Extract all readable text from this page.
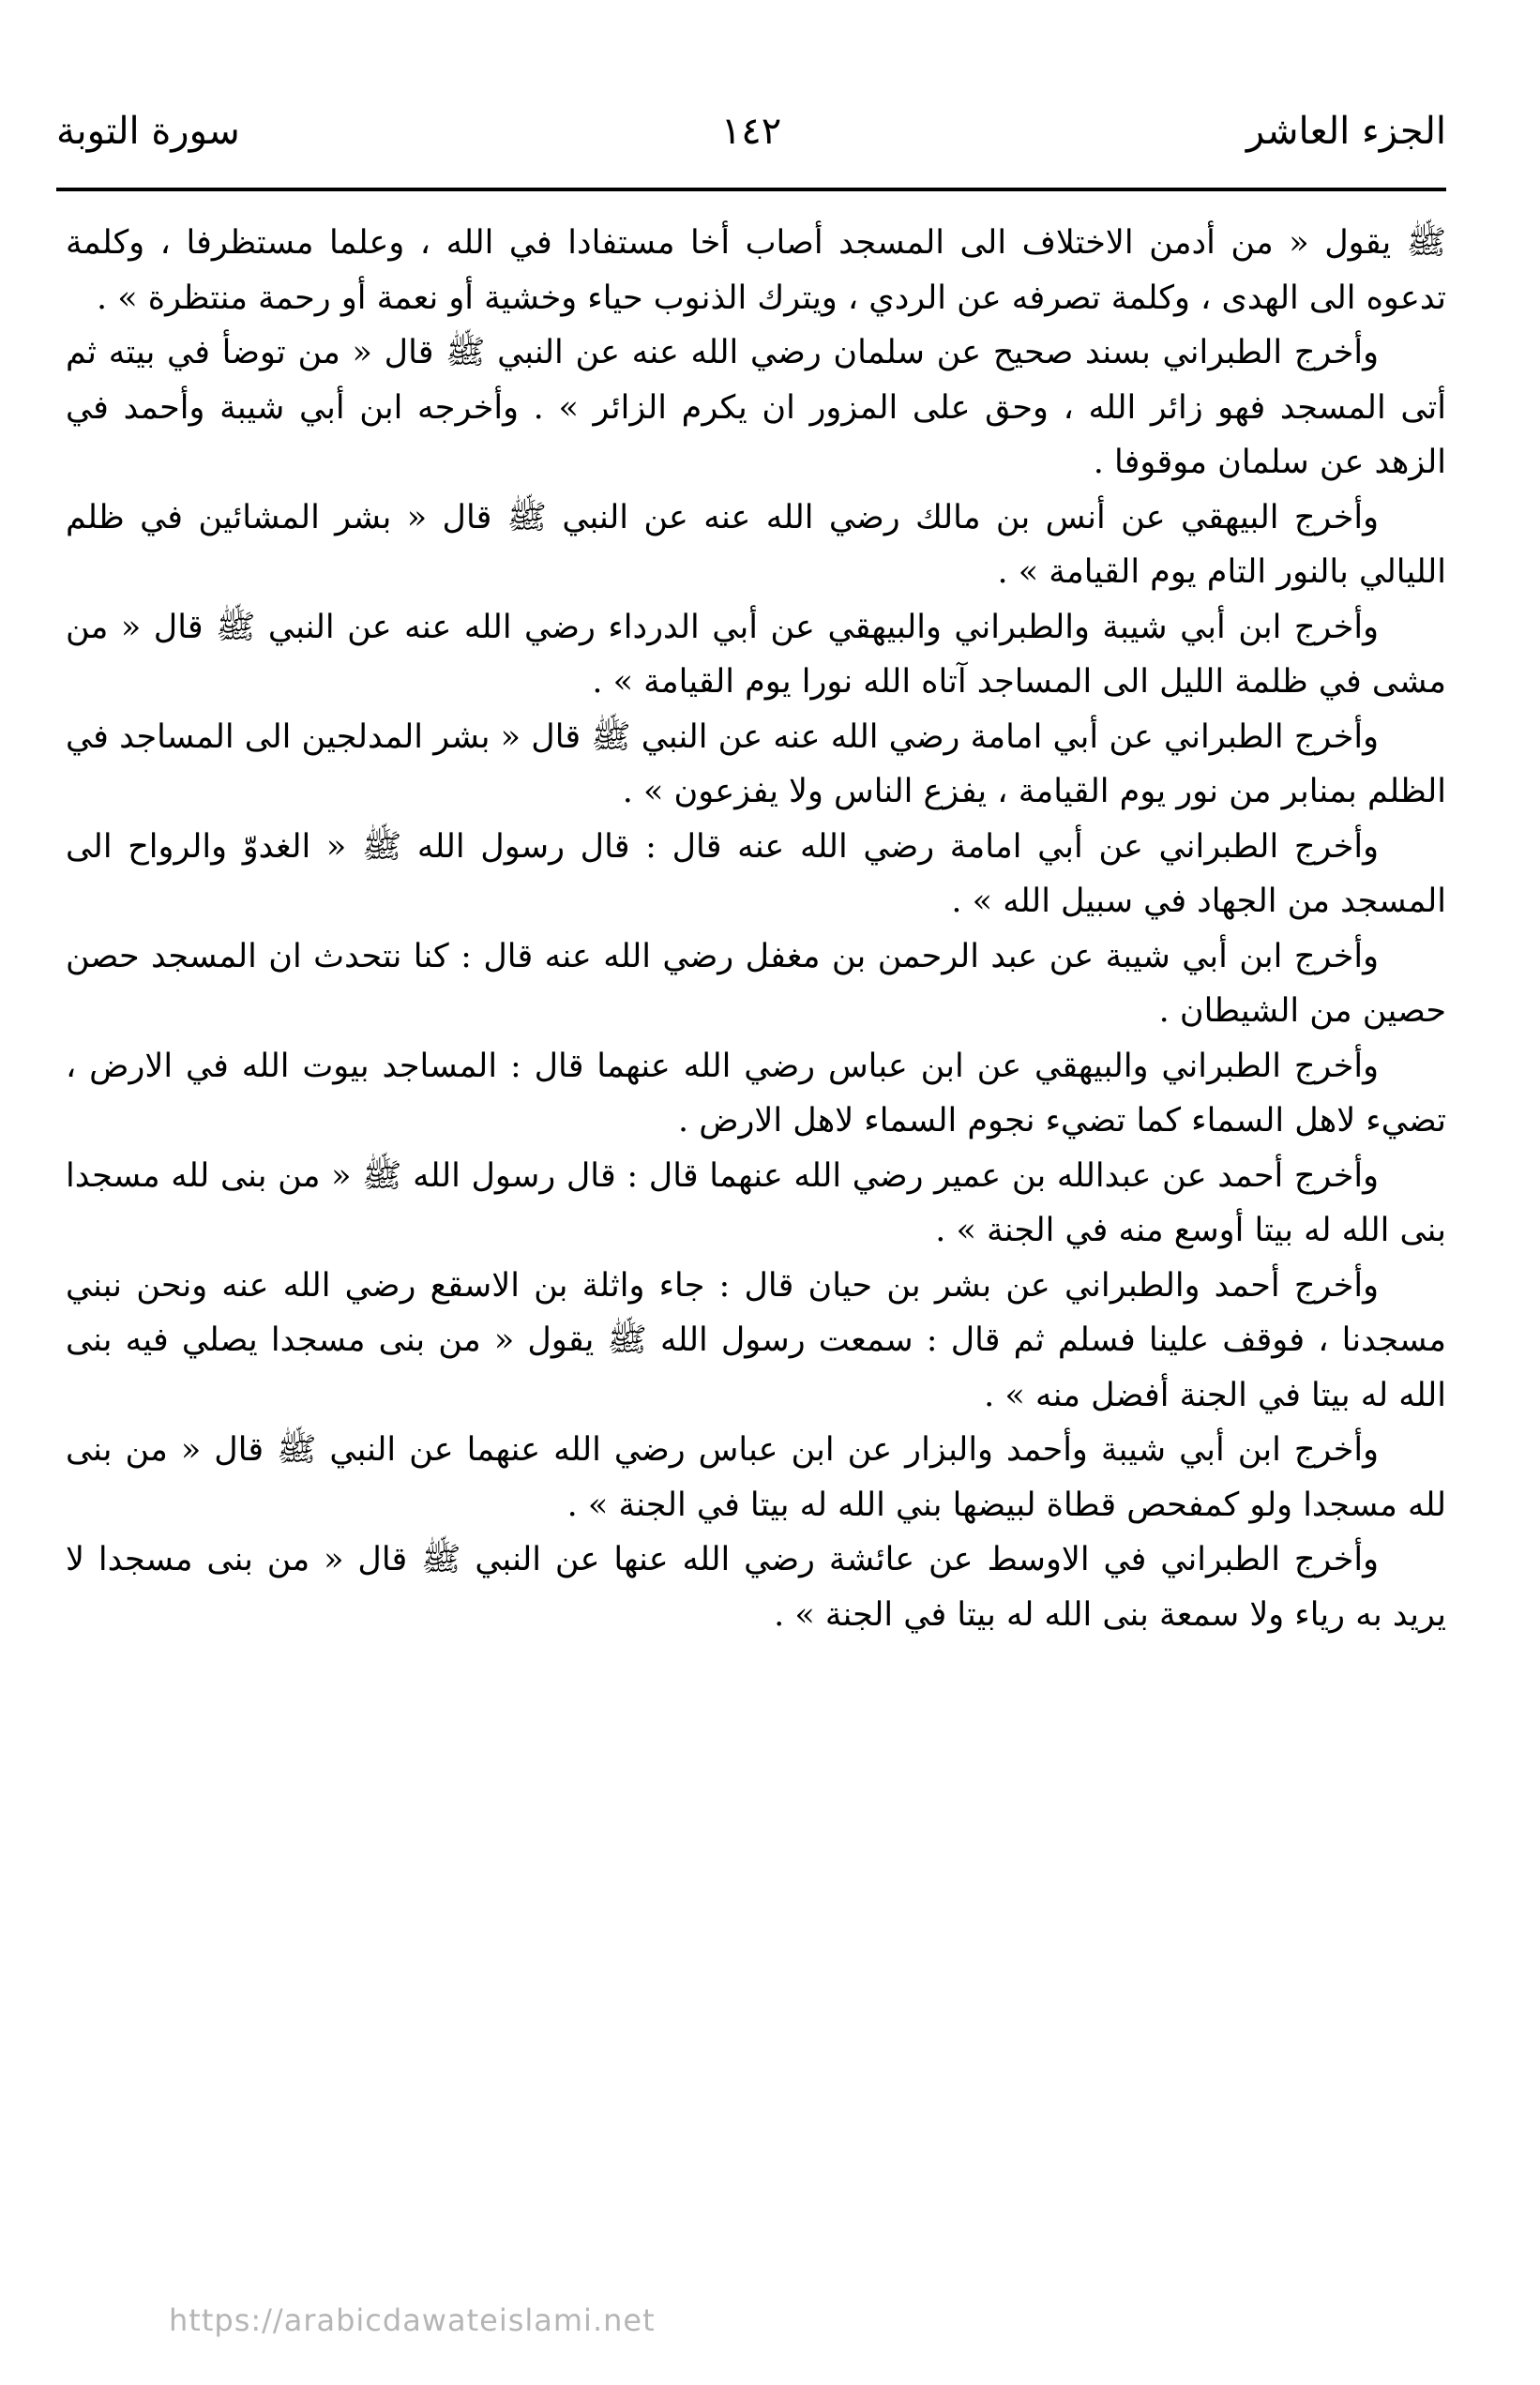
الجزء العاشر
١٤٢
سورة التوبة

ﷺ يقول « من أدمن الاختلاف الى المسجد أصاب أخا مستفادا في الله ، وعلما مستظرفا ، وكلمة تدعوه الى الهدى ، وكلمة تصرفه عن الردي ، ويترك الذنوب حياء وخشية أو نعمة أو رحمة منتظرة » .

وأخرج الطبراني بسند صحيح عن سلمان رضي الله عنه عن النبي ﷺ قال « من توضأ في بيته ثم أتى المسجد فهو زائر الله ، وحق على المزور ان يكرم الزائر » . وأخرجه ابن أبي شيبة وأحمد في الزهد عن سلمان موقوفا .

وأخرج البيهقي عن أنس بن مالك رضي الله عنه عن النبي ﷺ قال « بشر المشائين في ظلم الليالي بالنور التام يوم القيامة » .

وأخرج ابن أبي شيبة والطبراني والبيهقي عن أبي الدرداء رضي الله عنه عن النبي ﷺ قال « من مشى في ظلمة الليل الى المساجد آتاه الله نورا يوم القيامة » .

وأخرج الطبراني عن أبي امامة رضي الله عنه عن النبي ﷺ قال « بشر المدلجين الى المساجد في الظلم بمنابر من نور يوم القيامة ، يفزع الناس ولا يفزعون » .

وأخرج الطبراني عن أبي امامة رضي الله عنه قال : قال رسول الله ﷺ « الغدوّ والرواح الى المسجد من الجهاد في سبيل الله » .

وأخرج ابن أبي شيبة عن عبد الرحمن بن مغفل رضي الله عنه قال : كنا نتحدث ان المسجد حصن حصين من الشيطان .

وأخرج الطبراني والبيهقي عن ابن عباس رضي الله عنهما قال : المساجد بيوت الله في الارض ، تضيء لاهل السماء كما تضيء نجوم السماء لاهل الارض .

وأخرج أحمد عن عبدالله بن عمير رضي الله عنهما قال : قال رسول الله ﷺ « من بنى لله مسجدا بنى الله له بيتا أوسع منه في الجنة » .

وأخرج أحمد والطبراني عن بشر بن حيان قال : جاء واثلة بن الاسقع رضي الله عنه ونحن نبني مسجدنا ، فوقف علينا فسلم ثم قال : سمعت رسول الله ﷺ يقول « من بنى مسجدا يصلي فيه بنى الله له بيتا في الجنة أفضل منه » .

وأخرج ابن أبي شيبة وأحمد والبزار عن ابن عباس رضي الله عنهما عن النبي ﷺ قال « من بنى لله مسجدا ولو كمفحص قطاة لبيضها بني الله له بيتا في الجنة » .

وأخرج الطبراني في الاوسط عن عائشة رضي الله عنها عن النبي ﷺ قال « من بنى مسجدا لا يريد به رياء ولا سمعة بنى الله له بيتا في الجنة » .

https://arabicdawateislami.net
